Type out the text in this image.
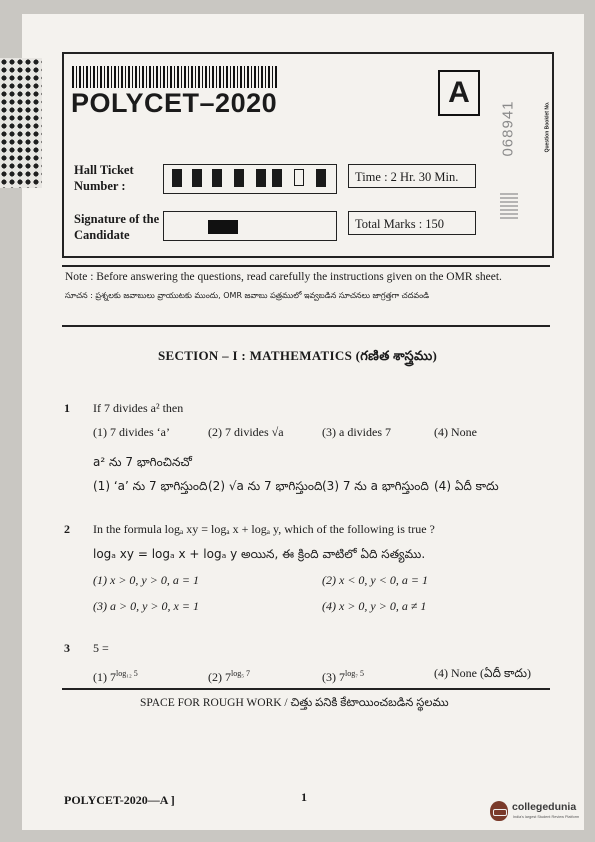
POLYCET–2020	A
068941	Question Booklet No.
Hall Ticket Number :
Time : 2 Hr. 30 Min.
Signature of the Candidate
Total Marks : 150
Note : Before answering the questions, read carefully the instructions given on the OMR sheet.
సూచన : ప్రశ్నలకు జవాబులు వ్రాయుటకు ముందు, OMR జవాబు పత్రములో ఇవ్వబడిన సూచనలు జాగ్రత్తగా చదవండి
SECTION – I : MATHEMATICS (గణిత శాస్త్రము)
1 If 7 divides a² then
(1) 7 divides ‘a’	(2) 7 divides √a	(3) a divides 7	(4) None
a² ను 7 భాగించినచో
(1) ‘a’ ను 7 భాగిస్తుంది (2) √a ను 7 భాగిస్తుంది (3) 7 ను a భాగిస్తుంది (4) ఏదీ కాదు
2 In the formula logₐ xy = logₐ x + logₐ y, which of the following is true ?
logₐ xy = logₐ x + logₐ y అయిన, ఈ క్రింది వాటిలో ఏది సత్యము.
(1) x > 0, y > 0, a = 1	(2) x < 0, y < 0, a = 1
(3) a > 0, y > 0, x = 1	(4) x > 0, y > 0, a ≠ 1
3 5 =
(1) $7^{log_{12} 5}$	(2) $7^{log_5 7}$	(3) $7^{log_7 5}$	(4) None (ఏదీ కాదు)
SPACE FOR ROUGH WORK / చిత్తు పనికి కేటాయించబడిన స్థలము
POLYCET-2020—A ]	1
collegedunia
India's largest Student Review Platform
